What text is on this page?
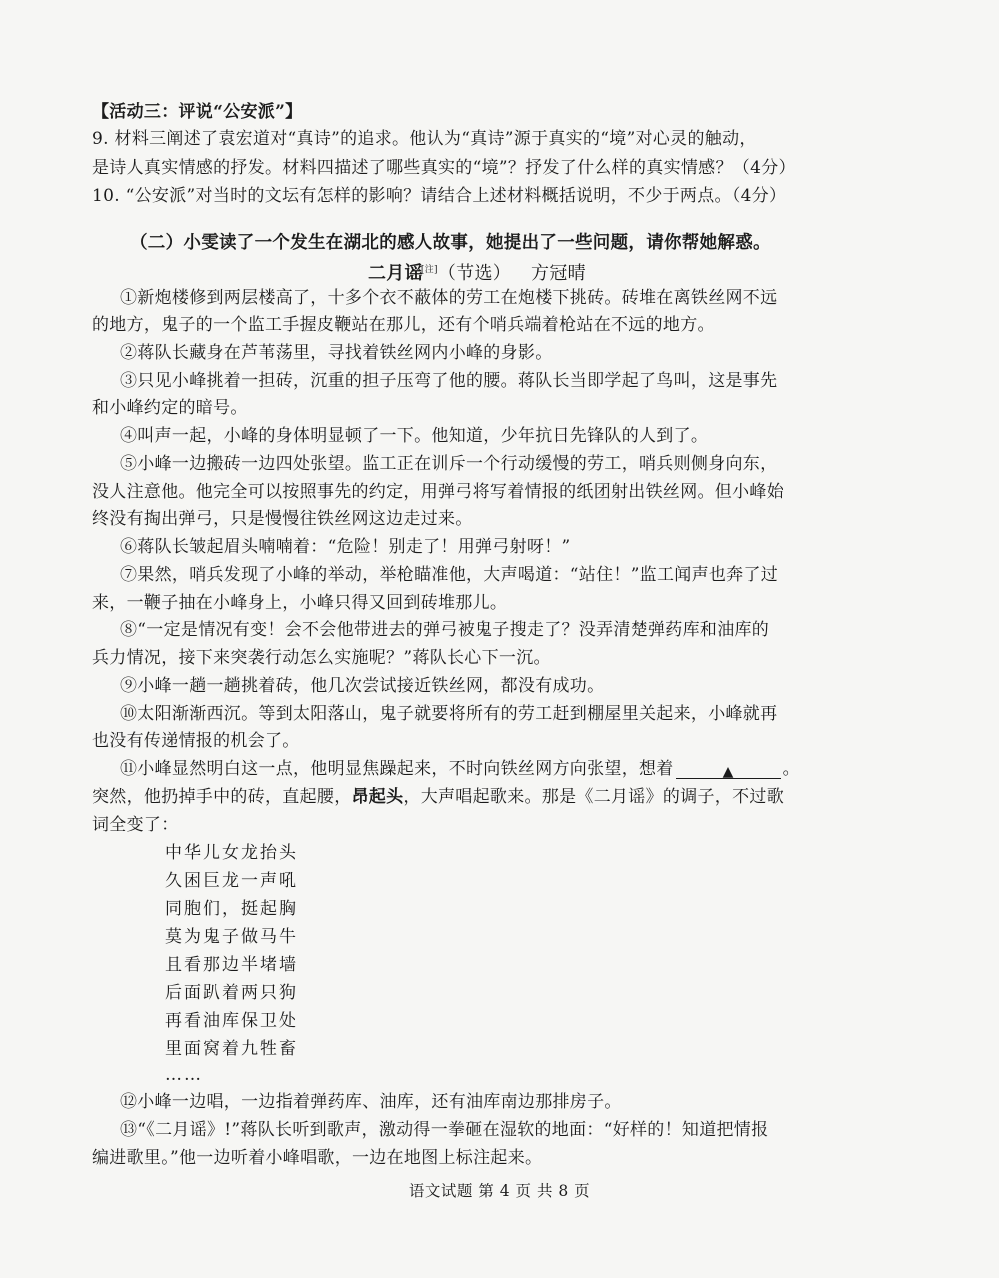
【活动三：评说“公安派”】
9. 材料三阐述了袁宏道对“真诗”的追求。他认为“真诗”源于真实的“境”对心灵的触动，
是诗人真实情感的抒发。材料四描述了哪些真实的“境”？抒发了什么样的真实情感？（4分）
10. “公安派”对当时的文坛有怎样的影响？请结合上述材料概括说明，不少于两点。（4分）
（二）小雯读了一个发生在湖北的感人故事，她提出了一些问题，请你帮她解惑。
二月谣[注]（节选） 方冠晴
①新炮楼修到两层楼高了，十多个衣不蔽体的劳工在炮楼下挑砖。砖堆在离铁丝网不远
的地方，鬼子的一个监工手握皮鞭站在那儿，还有个哨兵端着枪站在不远的地方。
②蒋队长藏身在芦苇荡里，寻找着铁丝网内小峰的身影。
③只见小峰挑着一担砖，沉重的担子压弯了他的腰。蒋队长当即学起了鸟叫，这是事先
和小峰约定的暗号。
④叫声一起，小峰的身体明显顿了一下。他知道，少年抗日先锋队的人到了。
⑤小峰一边搬砖一边四处张望。监工正在训斥一个行动缓慢的劳工，哨兵则侧身向东，
没人注意他。他完全可以按照事先的约定，用弹弓将写着情报的纸团射出铁丝网。但小峰始
终没有掏出弹弓，只是慢慢往铁丝网这边走过来。
⑥蒋队长皱起眉头喃喃着：“危险！别走了！用弹弓射呀！”
⑦果然，哨兵发现了小峰的举动，举枪瞄准他，大声喝道：“站住！”监工闻声也奔了过
来，一鞭子抽在小峰身上，小峰只得又回到砖堆那儿。
⑧“一定是情况有变！会不会他带进去的弹弓被鬼子搜走了？没弄清楚弹药库和油库的
兵力情况，接下来突袭行动怎么实施呢？”蒋队长心下一沉。
⑨小峰一趟一趟挑着砖，他几次尝试接近铁丝网，都没有成功。
⑩太阳渐渐西沉。等到太阳落山，鬼子就要将所有的劳工赶到棚屋里关起来，小峰就再
也没有传递情报的机会了。
⑪小峰显然明白这一点，他明显焦躁起来，不时向铁丝网方向张望，想着	▲	。
突然，他扔掉手中的砖，直起腰，昂起头，大声唱起歌来。那是《二月谣》的调子，不过歌
词全变了：
中华儿女龙抬头
久困巨龙一声吼
同胞们，挺起胸
莫为鬼子做马牛
且看那边半堵墙
后面趴着两只狗
再看油库保卫处
里面窝着九牲畜
……
⑫小峰一边唱，一边指着弹药库、油库，还有油库南边那排房子。
⑬“《二月谣》!”蒋队长听到歌声，激动得一拳砸在湿软的地面：“好样的！知道把情报
编进歌里。”他一边听着小峰唱歌，一边在地图上标注起来。
语文试题 第 4 页 共 8 页
